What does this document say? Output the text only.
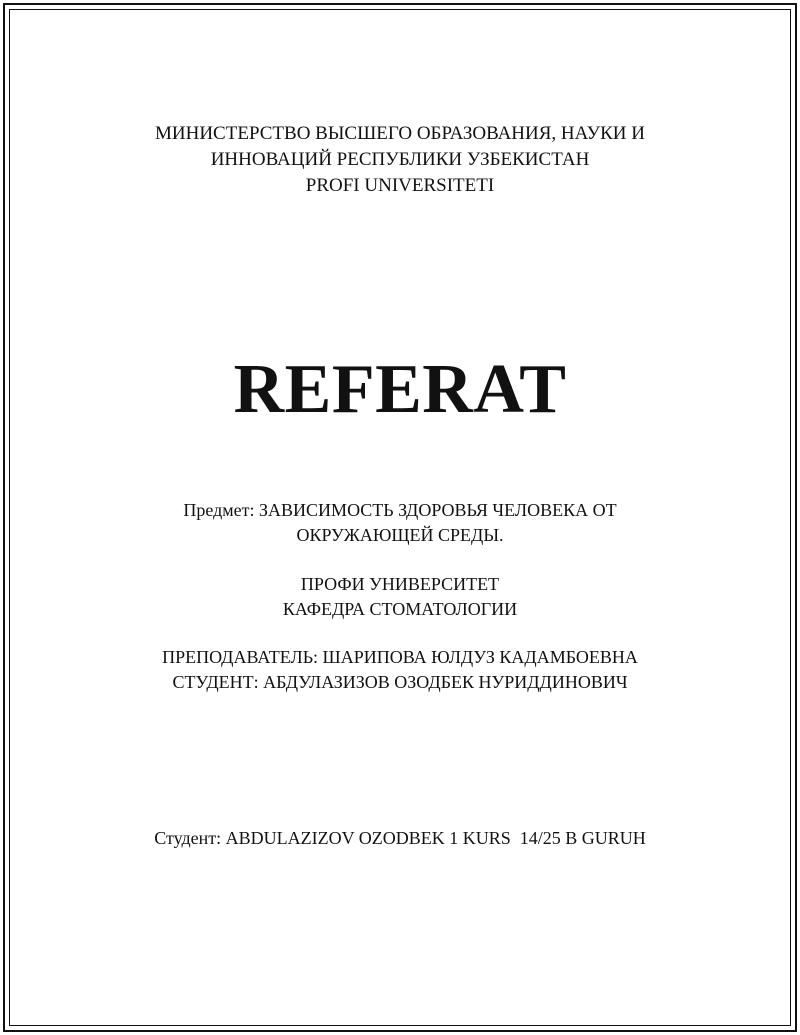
МИНИСТЕРСТВО ВЫСШЕГО ОБРАЗОВАНИЯ, НАУКИ И
ИННОВАЦИЙ РЕСПУБЛИКИ УЗБЕКИСТАН
PROFI UNIVERSITETI
REFERAT
Предмет: ЗАВИСИМОСТЬ ЗДОРОВЬЯ ЧЕЛОВЕКА ОТ
ОКРУЖАЮЩЕЙ СРЕДЫ.
ПРОФИ УНИВЕРСИТЕТ
КАФЕДРА СТОМАТОЛОГИИ
ПРЕПОДАВАТЕЛЬ: ШАРИПОВА ЮЛДУЗ КАДАМБОЕВНА
СТУДЕНТ: АБДУЛАЗИЗОВ ОЗОДБЕК НУРИДДИНОВИЧ
Студент: ABDULAZIZOV OZODBEK 1 KURS  14/25 B GURUH
